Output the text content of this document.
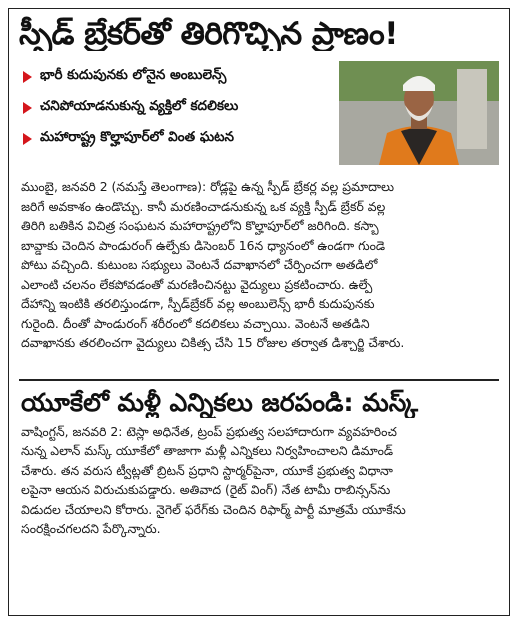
స్పీడ్ బ్రేకర్‌తో తిరిగొచ్చిన ప్రాణం!
భారీ కుదుపునకు లోనైన అంబులెన్స్
చనిపోయాడనుకున్న వ్యక్తిలో కదలికలు
మహారాష్ట్ర కొల్హాపూర్‌లో వింత ఘటన

ముంబై, జనవరి 2 (నమస్తే తెలంగాణ): రోడ్లపై ఉన్న స్పీడ్ బ్రేకర్ల వల్ల ప్రమాదాలు
జరిగే అవకాశం ఉండొచ్చు. కానీ మరణించాడనుకున్న ఒక వ్యక్తి స్పీడ్ బ్రేకర్ వల్ల
తిరిగి బతికిన విచిత్ర సంఘటన మహారాష్ట్రలోని కొల్హాపూర్‌లో జరిగింది. కస్బా
బావ్డాకు చెందిన పాండురంగ్ ఉల్పేకు డిసెంబర్ 16న ధ్యానంలో ఉండగా గుండె
పోటు వచ్చింది. కుటుంబ సభ్యులు వెంటనే దవాఖానలో చేర్పించగా అతడిలో
ఎలాంటి చలనం లేకపోవడంతో మరణించినట్టు వైద్యులు ప్రకటించారు. ఉల్పే
దేహాన్ని ఇంటికి తరలిస్తుండగా, స్పీడ్‌బ్రేకర్ వల్ల అంబులెన్స్ భారీ కుదుపునకు
గురైంది. దీంతో పాండురంగ్ శరీరంలో కదలికలు వచ్చాయి. వెంటనే అతడిని
దవాఖానకు తరలించగా వైద్యులు చికిత్స చేసి 15 రోజుల తర్వాత డిశ్చార్జి చేశారు.

యూకేలో మళ్లీ ఎన్నికలు జరపండి: మస్క్

వాషింగ్టన్, జనవరి 2: టెస్లా అధినేత, ట్రంప్ ప్రభుత్వ సలహాదారుగా వ్యవహరించ
నున్న ఎలాన్ మస్క్ యూకేలో తాజాగా మళ్లీ ఎన్నికలు నిర్వహించాలని డిమాండ్
చేశారు. తన వరుస ట్వీట్లతో బ్రిటన్ ప్రధాని స్టార్మర్‌పైనా, యూకే ప్రభుత్వ విధానా
లపైనా ఆయన విరుచుకుపడ్డారు. అతివాద (రైట్ వింగ్) నేత టామీ రాబిన్సన్‌ను
విడుదల చేయాలని కోరారు. నైగెల్ ఫరేగ్‌కు చెందిన రిఫార్మ్ పార్టీ మాత్రమే యూకేను
సంరక్షించగలదని పేర్కొన్నారు.
